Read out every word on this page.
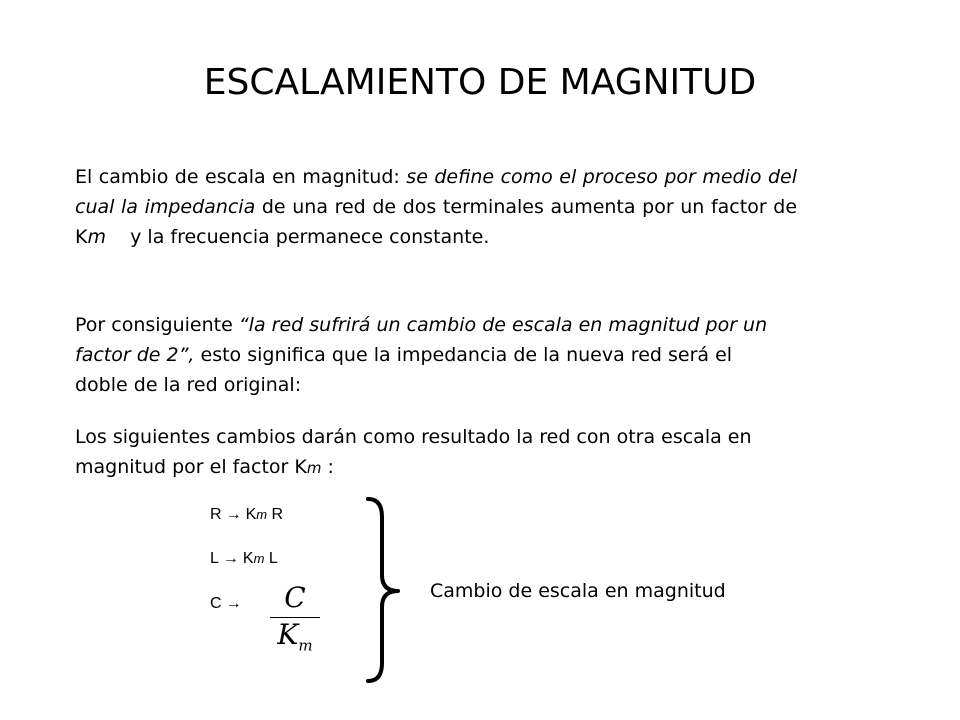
ESCALAMIENTO DE MAGNITUD

El cambio de escala en magnitud: se define como el proceso por medio del cual la impedancia de una red de dos terminales aumenta por un factor de Km    y la frecuencia permanece constante.

Por consiguiente “la red sufrirá un cambio de escala en magnitud por un factor de 2”, esto significa que la impedancia de la nueva red será el doble de la red original:

Los siguientes cambios darán como resultado la red con otra escala en magnitud por el factor Km :

R → Km R
L → Km L
C →	C
$K_m$
Cambio de escala en magnitud
